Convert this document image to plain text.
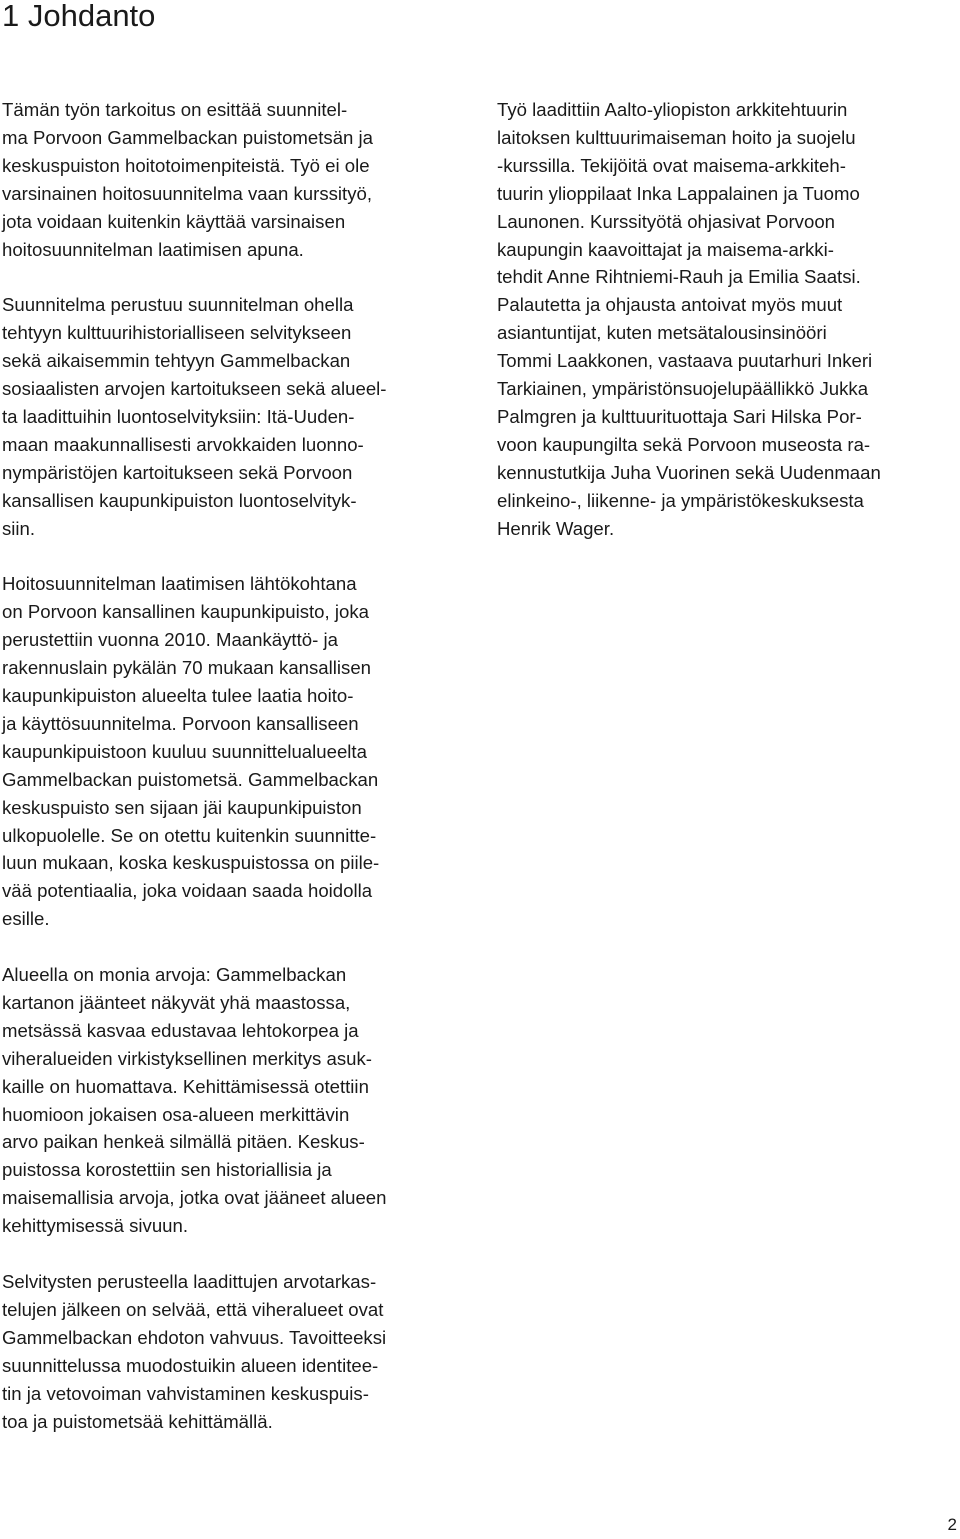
1 Johdanto

Tämän työn tarkoitus on esittää suunnitel-
ma Porvoon Gammelbackan puistometsän ja
keskuspuiston hoitotoimenpiteistä. Työ ei ole
varsinainen hoitosuunnitelma vaan kurssityö,
jota voidaan kuitenkin käyttää varsinaisen
hoitosuunnitelman laatimisen apuna.

Suunnitelma perustuu suunnitelman ohella
tehtyyn kulttuurihistorialliseen selvitykseen
sekä aikaisemmin tehtyyn Gammelbackan
sosiaalisten arvojen kartoitukseen sekä alueel-
ta laadittuihin luontoselvityksiin: Itä-Uuden-
maan maakunnallisesti arvokkaiden luonno-
nympäristöjen kartoitukseen sekä Porvoon
kansallisen kaupunkipuiston luontoselvityk-
siin.

Hoitosuunnitelman laatimisen lähtökohtana
on Porvoon kansallinen kaupunkipuisto, joka
perustettiin vuonna 2010. Maankäyttö- ja
rakennuslain pykälän 70 mukaan kansallisen
kaupunkipuiston alueelta tulee laatia hoito-
ja käyttösuunnitelma. Porvoon kansalliseen
kaupunkipuistoon kuuluu suunnittelualueelta
Gammelbackan puistometsä. Gammelbackan
keskuspuisto sen sijaan jäi kaupunkipuiston
ulkopuolelle. Se on otettu kuitenkin suunnitte-
luun mukaan, koska keskuspuistossa on piile-
vää potentiaalia, joka voidaan saada hoidolla
esille.

Alueella on monia arvoja: Gammelbackan
kartanon jäänteet näkyvät yhä maastossa,
metsässä kasvaa edustavaa lehtokorpea ja
viheralueiden virkistyksellinen merkitys asuk-
kaille on huomattava. Kehittämisessä otettiin
huomioon jokaisen osa-alueen merkittävin
arvo paikan henkeä silmällä pitäen. Keskus-
puistossa korostettiin sen historiallisia ja
maisemallisia arvoja, jotka ovat jääneet alueen
kehittymisessä sivuun.

Selvitysten perusteella laadittujen arvotarkas-
telujen jälkeen on selvää, että viheralueet ovat
Gammelbackan ehdoton vahvuus. Tavoitteeksi
suunnittelussa muodostuikin alueen identitee-
tin ja vetovoiman vahvistaminen keskuspuis-
toa ja puistometsää kehittämällä.

Työ laadittiin Aalto-yliopiston arkkitehtuurin
laitoksen kulttuurimaiseman hoito ja suojelu
-kurssilla. Tekijöitä ovat maisema-arkkiteh-
tuurin ylioppilaat Inka Lappalainen ja Tuomo
Launonen. Kurssityötä ohjasivat Porvoon
kaupungin kaavoittajat ja maisema-arkki-
tehdit Anne Rihtniemi-Rauh ja Emilia Saatsi.
Palautetta ja ohjausta antoivat myös muut
asiantuntijat, kuten metsätalousinsinööri
Tommi Laakkonen, vastaava puutarhuri Inkeri
Tarkiainen, ympäristönsuojelupäällikkö Jukka
Palmgren ja kulttuurituottaja Sari Hilska Por-
voon kaupungilta sekä Porvoon museosta ra-
kennustutkija Juha Vuorinen sekä Uudenmaan
elinkeino-, liikenne- ja ympäristökeskuksesta
Henrik Wager.

2
